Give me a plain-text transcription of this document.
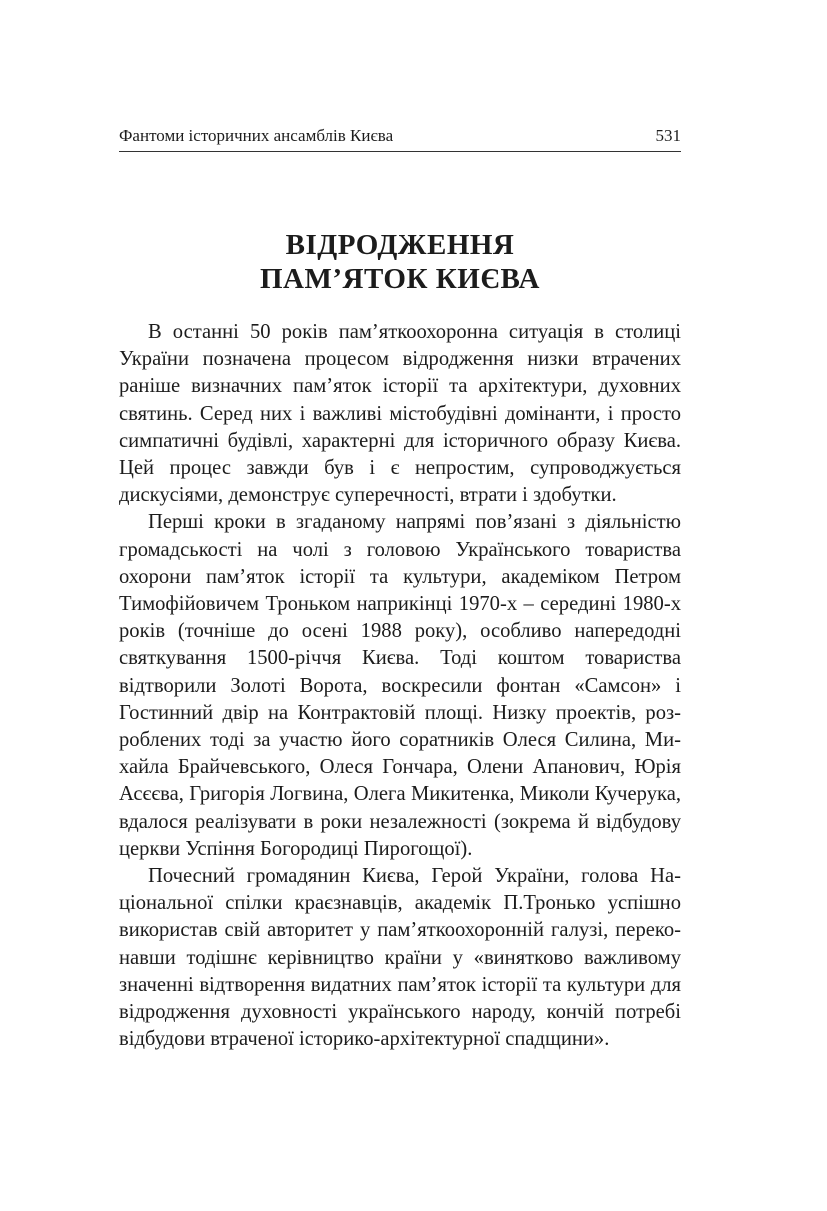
Фантоми історичних ансамблів Києва	531
ВІДРОДЖЕННЯ
ПАМ’ЯТОК КИЄВА

В останні 50 років пам’яткоохоронна ситуація в столиці України позначена процесом відродження низки втрачених раніше визначних пам’яток історії та архітектури, духовних святинь. Серед них і важливі містобудівні домінанти, і просто симпатичні будівлі, характерні для історичного образу Києва. Цей процес завжди був і є непростим, супроводжується дискусіями, демонструє суперечності, втрати і здобутки.

Перші кроки в згаданому напрямі пов’язані з діяльністю громадськості на чолі з головою Українського товариства охорони пам’яток історії та культури, академіком Петром Тимофійовичем Троньком наприкінці 1970-х – середині 1980-х років (точніше до осені 1988 року), особливо напередодні святкування 1500-річчя Києва. Тоді коштом товариства відтворили Золоті Ворота, воскресили фонтан «Самсон» і Гостинний двір на Контрактовій площі. Низку проектів, розроблених тоді за участю його соратників Олеся Силина, Михайла Брайчевського, Олеся Гончара, Олени Апанович, Юрія Асєєва, Григорія Логвина, Олега Микитенка, Миколи Кучерука, вдалося реалізувати в роки незалежності (зокрема й відбудову церкви Успіння Богородиці Пирогощої).

Почесний громадянин Києва, Герой України, голова Національної спілки краєзнавців, академік П.Тронько успішно використав свій авторитет у пам’яткоохоронній галузі, переконавши тодішнє керівництво країни у «винятково важливому значенні відтворення видатних пам’яток історії та культури для відродження духовності українського народу, кончій потребі відбудови втраченої історико-архітектурної спадщини».
